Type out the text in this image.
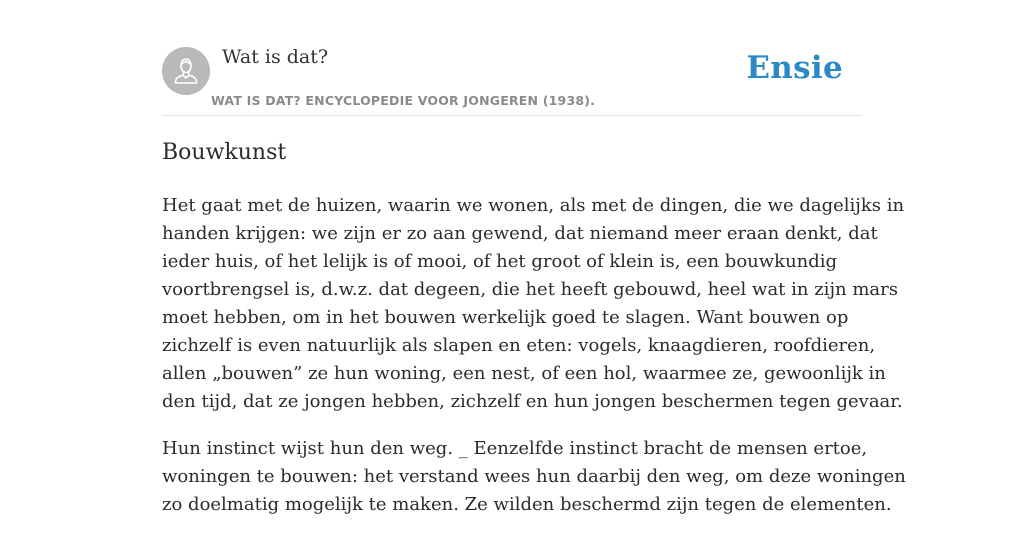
Wat is dat?
WAT IS DAT? ENCYCLOPEDIE VOOR JONGEREN (1938).
Ensie
Bouwkunst

Het gaat met de huizen, waarin we wonen, als met de dingen, die we dagelijks in
handen krijgen: we zijn er zo aan gewend, dat niemand meer eraan denkt, dat
ieder huis, of het lelijk is of mooi, of het groot of klein is, een bouwkundig
voortbrengsel is, d.w.z. dat degeen, die het heeft gebouwd, heel wat in zijn mars
moet hebben, om in het bouwen werkelijk goed te slagen. Want bouwen op
zichzelf is even natuurlijk als slapen en eten: vogels, knaagdieren, roofdieren,
allen „bouwen” ze hun woning, een nest, of een hol, waarmee ze, gewoonlijk in
den tijd, dat ze jongen hebben, zichzelf en hun jongen beschermen tegen gevaar.

Hun instinct wijst hun den weg. _ Eenzelfde instinct bracht de mensen ertoe,
woningen te bouwen: het verstand wees hun daarbij den weg, om deze woningen
zo doelmatig mogelijk te maken. Ze wilden beschermd zijn tegen de elementen.
